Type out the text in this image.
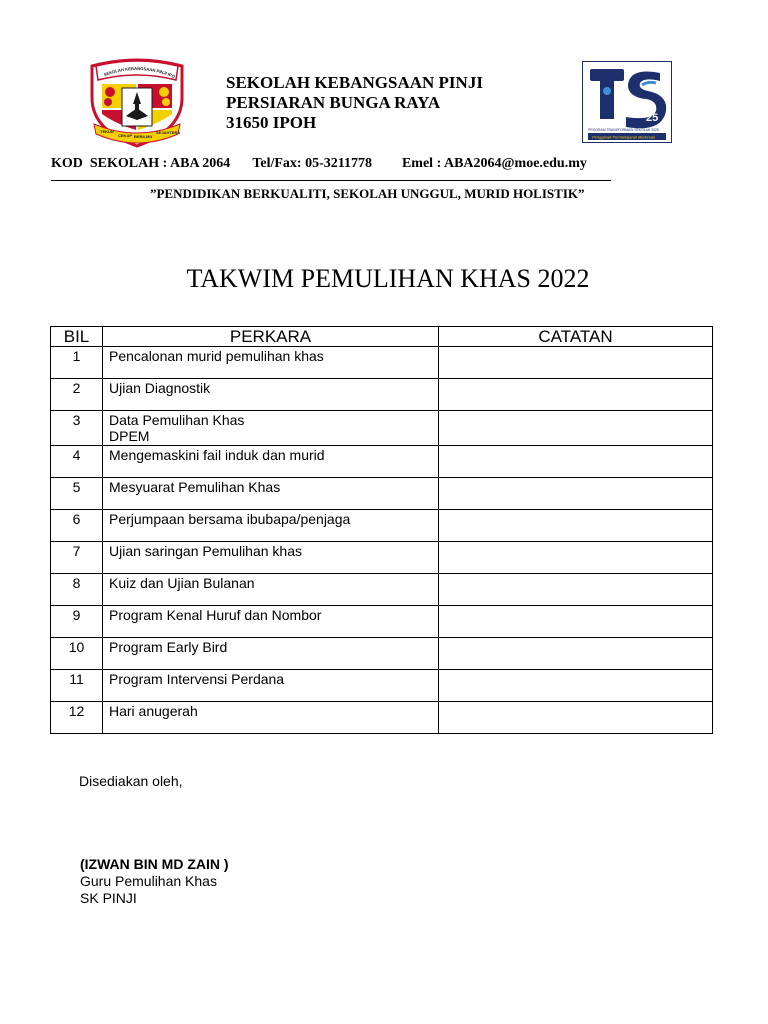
SEKOLAH KEBANGSAAN PINJI IPO
TEKUN
CEKAP BERILMU
SEJAHTERA
SEKOLAH KEBANGSAAN PINJI
PERSIARAN BUNGA RAYA
31650 IPOH	25
PROGRAM TRANSFORMASI SEKOLAH 2025
Penggerak Pembelajaran Berkesan
KOD  SEKOLAH : ABA 2064 Tel/Fax: 05-3211778 Emel : ABA2064@moe.edu.my
”PENDIDIKAN BERKUALITI, SEKOLAH UNGGUL, MURID HOLISTIK”
TAKWIM PEMULIHAN KHAS 2022
BIL	PERKARA	CATATAN
1	Pencalonan murid pemulihan khas	
2	Ujian Diagnostik	
3	Data Pemulihan Khas
DPEM	
4	Mengemaskini fail induk dan murid	
5	Mesyuarat Pemulihan Khas	
6	Perjumpaan bersama ibubapa/penjaga	
7	Ujian saringan Pemulihan khas	
8	Kuiz dan Ujian Bulanan	
9	Program Kenal Huruf dan Nombor	
10	Program Early Bird	
11	Program Intervensi Perdana	
12	Hari anugerah	
Disediakan oleh,
(IZWAN BIN MD ZAIN )
Guru Pemulihan Khas
SK PINJI
